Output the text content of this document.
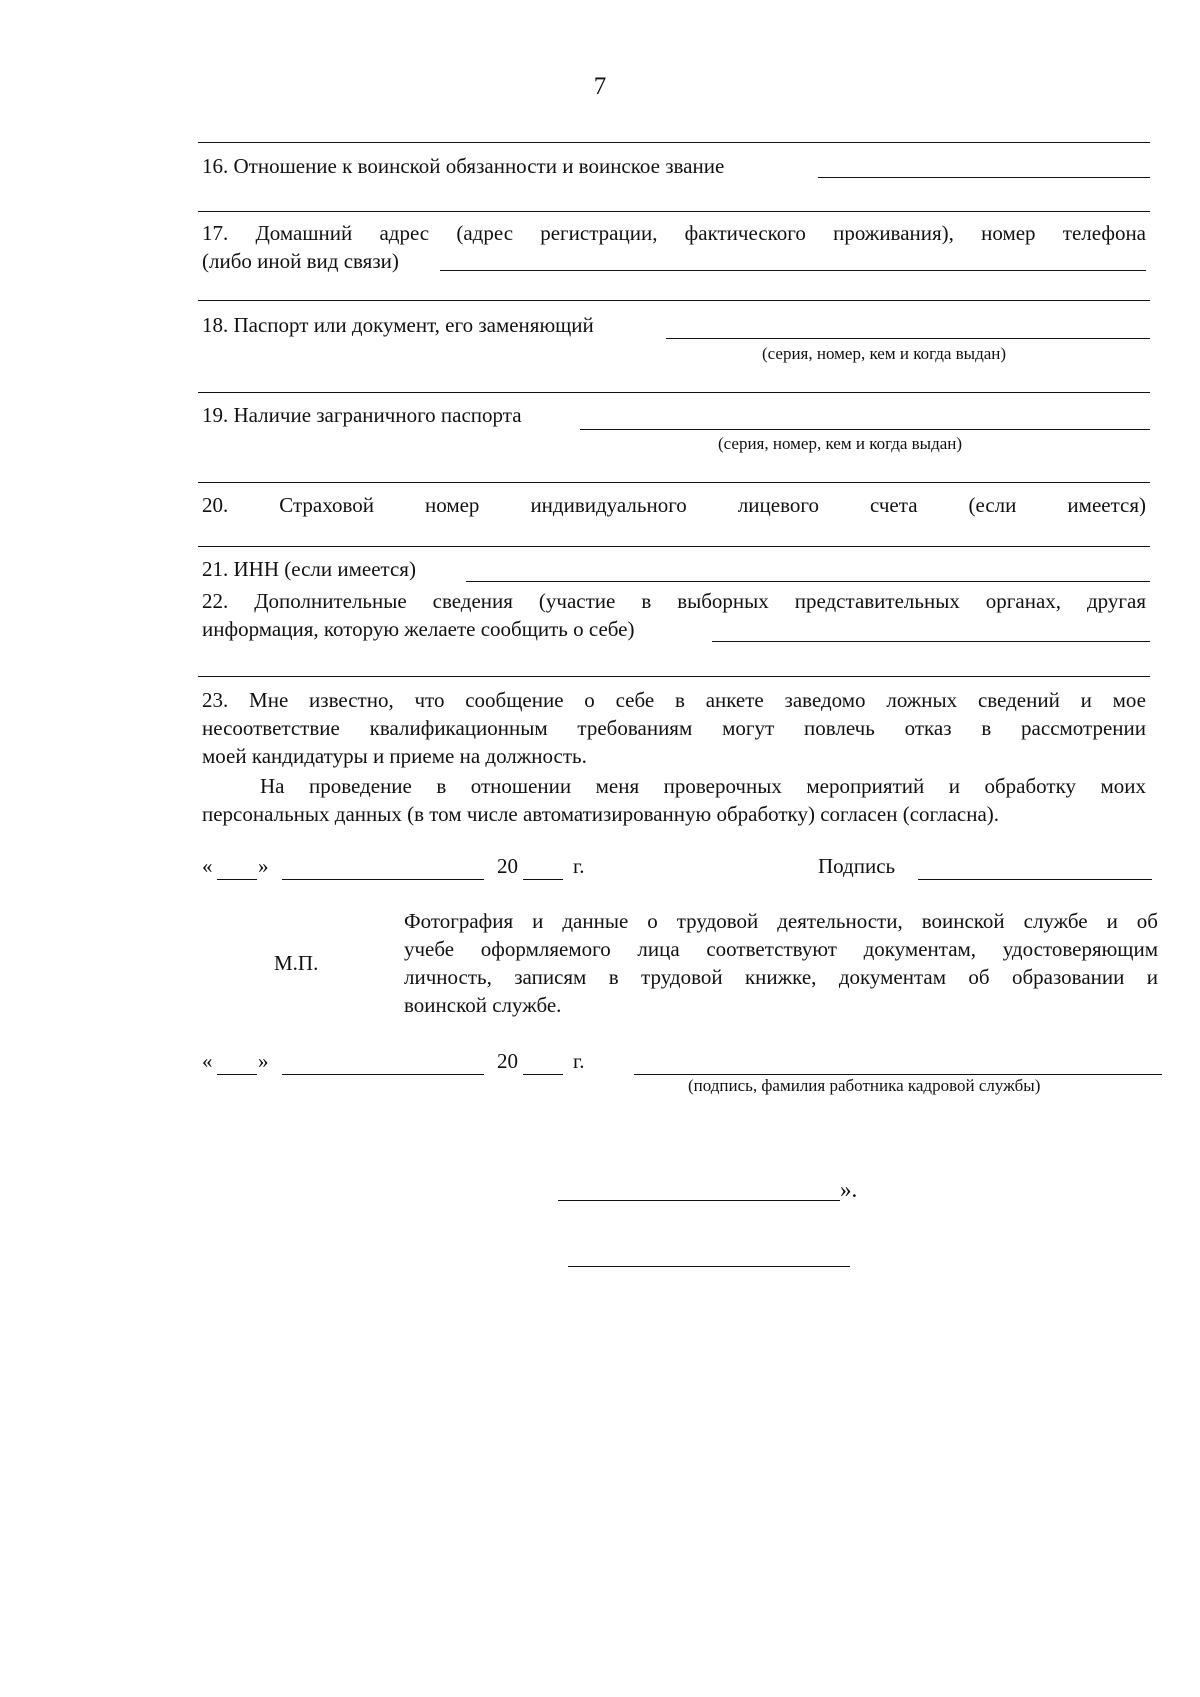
7
16. Отношение к воинской обязанности и воинское звание
17. Домашний адрес (адрес регистрации, фактического проживания), номер телефона
(либо иной вид связи)
18. Паспорт или документ, его заменяющий
(серия, номер, кем и когда выдан)
19. Наличие заграничного паспорта
(серия, номер, кем и когда выдан)
20. Страховой номер индивидуального лицевого счета (если имеется)
21. ИНН (если имеется)
22. Дополнительные сведения (участие в выборных представительных органах, другая
информация, которую желаете сообщить о себе)
23. Мне известно, что сообщение о себе в анкете заведомо ложных сведений и мое
несоответствие квалификационным требованиям могут повлечь отказ в рассмотрении
моей кандидатуры и приеме на должность.
На проведение в отношении меня проверочных мероприятий и обработку моих
персональных данных (в том числе автоматизированную обработку) согласен (согласна).
« »	20	г.	Подпись
М.П.
Фотография и данные о трудовой деятельности, воинской службе и об
учебе оформляемого лица соответствуют документам, удостоверяющим
личность, записям в трудовой книжке, документам об образовании и
воинской службе.
« »	20	г.
(подпись, фамилия работника кадровой службы)
».
